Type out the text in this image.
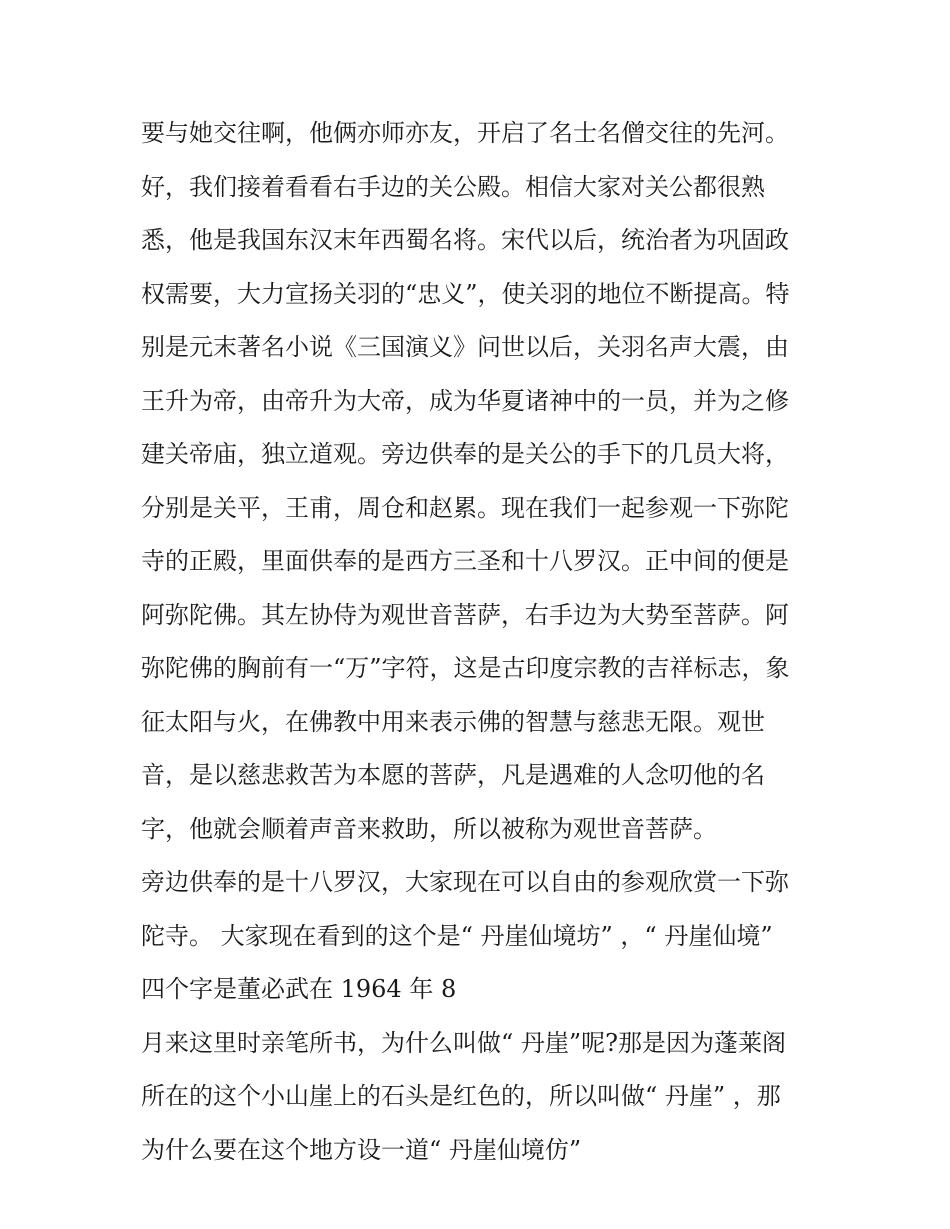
要与她交往啊，他俩亦师亦友，开启了名士名僧交往的先河。
好，我们接着看看右手边的关公殿。相信大家对关公都很熟
悉，他是我国东汉末年西蜀名将。宋代以后，统治者为巩固政
权需要，大力宣扬关羽的“忠义”，使关羽的地位不断提高。特
别是元末著名小说《三国演义》问世以后，关羽名声大震，由
王升为帝，由帝升为大帝，成为华夏诸神中的一员，并为之修
建关帝庙，独立道观。旁边供奉的是关公的手下的几员大将，
分别是关平，王甫，周仓和赵累。现在我们一起参观一下弥陀
寺的正殿，里面供奉的是西方三圣和十八罗汉。正中间的便是
阿弥陀佛。其左协侍为观世音菩萨，右手边为大势至菩萨。阿
弥陀佛的胸前有一“万”字符，这是古印度宗教的吉祥标志，象
征太阳与火，在佛教中用来表示佛的智慧与慈悲无限。观世
音，是以慈悲救苦为本愿的菩萨，凡是遇难的人念叨他的名
字，他就会顺着声音来救助，所以被称为观世音菩萨。
旁边供奉的是十八罗汉，大家现在可以自由的参观欣赏一下弥
陀寺。 大家现在看到的这个是“ 丹崖仙境坊” ，“ 丹崖仙境”
四个字是董必武在 1964 年 8
月来这里时亲笔所书，为什么叫做“ 丹崖”呢?那是因为蓬莱阁
所在的这个小山崖上的石头是红色的，所以叫做“ 丹崖” ，那
为什么要在这个地方设一道“ 丹崖仙境仿”
